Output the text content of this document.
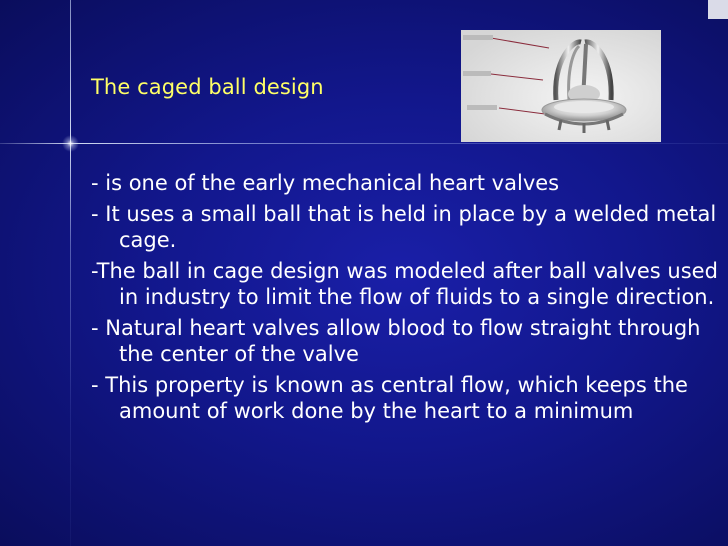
The caged ball design
- is one of the early mechanical heart valves
- It uses a small ball that is held in place by a welded metal cage.
-The ball in cage design was modeled after ball valves used in industry to limit the flow of fluids to a single direction.
- Natural heart valves allow blood to flow straight through the center of the valve
- This property is known as central flow, which keeps the amount of work done by the heart to a minimum
